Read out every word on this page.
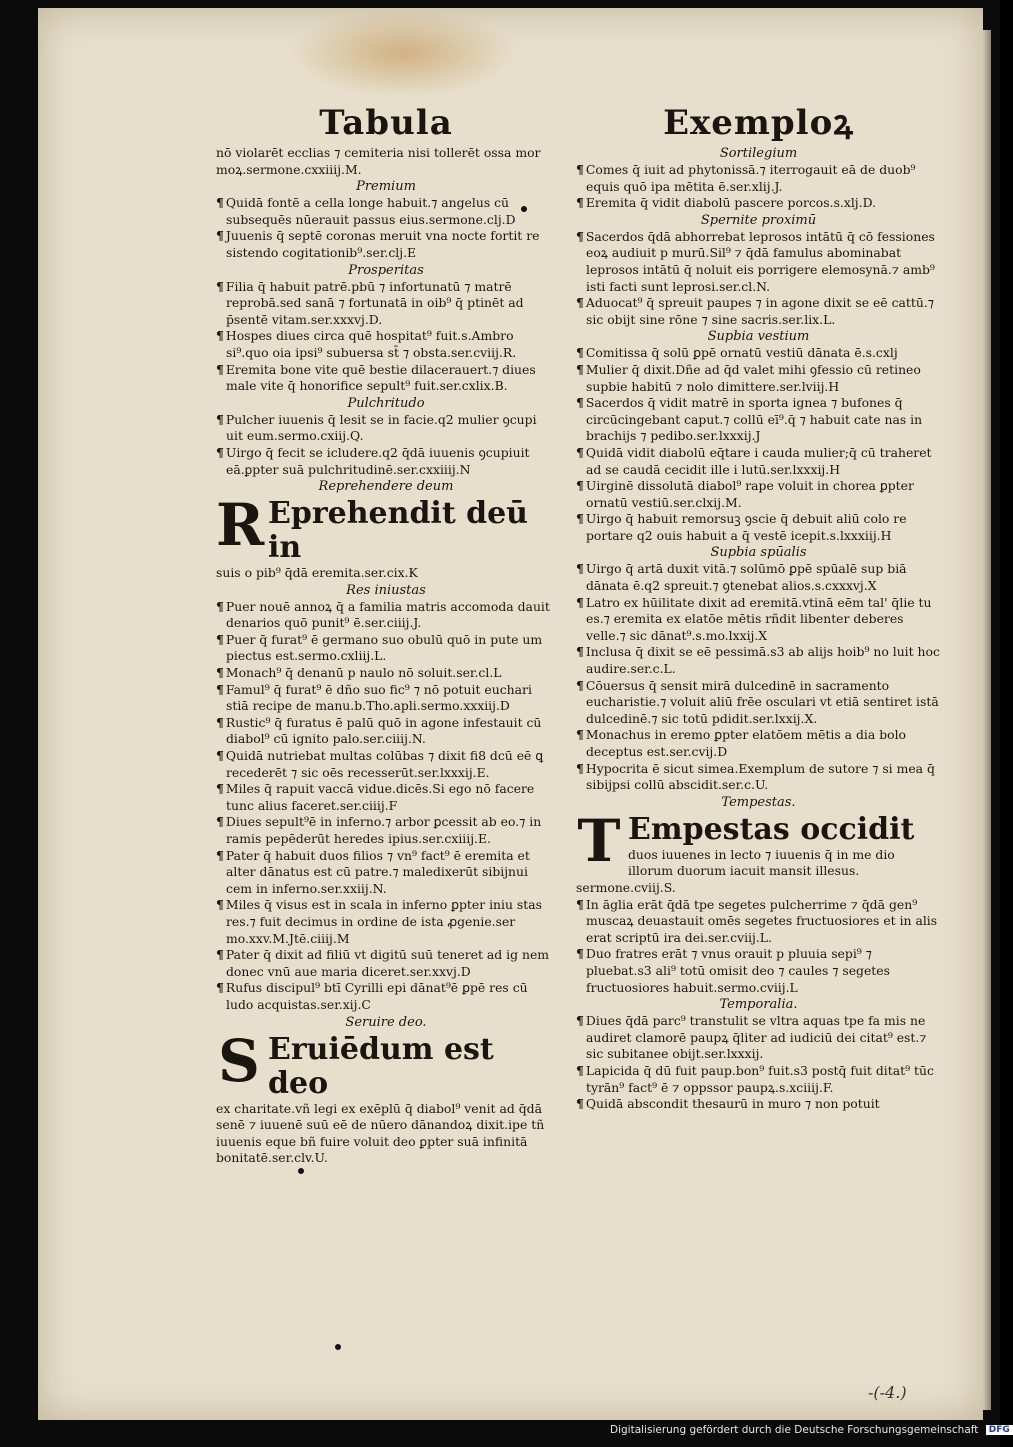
Tabula
nō violarēt ecclias ⁊ cemiteria nisi tollerēt ossa mor
moꝝ.sermone.cxxiiij.M.
Premium
¶ Quidā fontē a cella longe habuit.⁊ angelus cū subsequēs nūerauit passus eius.sermone.clj.D
¶ Juuenis q̄ septē coronas meruit vna nocte fortit re sistendo cogitationib⁹.ser.clj.E
Prosperitas
¶ Filia q̄ habuit patrē.pbū ⁊ infortunatū ⁊ matrē reprobā.sed sanā ⁊ fortunatā in oib⁹ q̄ ptinēt ad p̄sentē vitam.ser.xxxvj.D.
¶ Hospes diues circa quē hospitat⁹ fuit.s.Ambro si⁹.quo oia ipsi⁹ subuersa st̄ ⁊ obsta.ser.cviij.R.
¶ Eremita bone vite quē bestie dilacerauert.⁊ diues male vite q̄ honorifice sepult⁹ fuit.ser.cxlix.B.
Pulchritudo
¶ Pulcher iuuenis q̄ lesit se in facie.q2 mulier ꝯcupi uit eum.sermo.cxiij.Q.
¶ Uirgo q̄ fecit se icludere.q2 q̄dā iuuenis ꝯcupiuit eā.ꝑpter suā pulchritudinē.ser.cxxiiij.N
Reprehendere deum
R Eprehendit deū in
suis o pib⁹ q̄dā eremita.ser.cix.K
Res iniustas
¶ Puer nouē annoꝝ q̄ a familia matris accomoda dauit denarios quō punit⁹ ē.ser.ciiij.J.
¶ Puer q̄ furat⁹ ē germano suo obulū quō in pute um piectus est.sermo.cxliij.L.
¶ Monach⁹ q̄ denanū p naulo nō soluit.ser.cl.L
¶ Famul⁹ q̄ furat⁹ ē dño suo fic⁹ ⁊ nō potuit euchari stiā recipe de manu.b.Tho.apli.sermo.xxxiij.D
¶ Rustic⁹ q̄ furatus ē palū quō in agone infestauit cū diabol⁹ cū ignito palo.ser.ciiij.N.
¶ Quidā nutriebat multas colūbas ⁊ dixit fi8 dcū eē ꝗ recederēt ⁊ sic oēs recesserūt.ser.lxxxij.E.
¶ Miles q̄ rapuit vaccā vidue.dicēs.Si ego nō facere tunc alius faceret.ser.ciiij.F
¶ Diues sepult⁹ē in inferno.⁊ arbor ꝑcessit ab eo.⁊ in ramis pepēderūt heredes ipius.ser.cxiiij.E.
¶ Pater q̄ habuit duos filios ⁊ vn⁹ fact⁹ ē eremita et alter dānatus est cū patre.⁊ maledixerūt sibijnui cem in inferno.ser.xxiij.N.
¶ Miles q̄ visus est in scala in inferno ꝑpter iniu stas res.⁊ fuit decimus in ordine de ista ꝓgenie.ser mo.xxv.M.Jtē.ciiij.M
¶ Pater q̄ dixit ad filiū vt digitū suū teneret ad ig nem donec vnū aue maria diceret.ser.xxvj.D
¶ Rufus discipul⁹ btī Cyrilli epi dānat⁹ē ꝑpē res cū ludo acquistas.ser.xij.C
Seruire deo.
S Eruiēdum est deo
ex charitate.vñ legi ex exēplū q̄ diabol⁹ venit ad q̄dā senē ⁊ iuuenē suū eē de nūero dānandoꝝ dixit.ipe tñ iuuenis eque bñ fuire voluit deo ꝑpter suā infinitā bonitatē.ser.clv.U.
Exemploꝝ
Sortilegium
¶ Comes q̄ iuit ad phytonissā.⁊ iterrogauit eā de duob⁹ equis quō ipa mētita ē.ser.xlij.J.
¶ Eremita q̄ vidit diabolū pascere porcos.s.xlj.D.
Spernite proximū
¶ Sacerdos q̄dā abhorrebat leprosos intātū q̄ cō fessiones eoꝝ audiuit p murū.Sil⁹ ⁊ q̄dā famulus abominabat leprosos intātū q̄ noluit eis porrigere elemosynā.⁊ amb⁹ isti facti sunt leprosi.ser.cl.N.
¶ Aduocat⁹ q̄ spreuit paupes ⁊ in agone dixit se eē cattū.⁊ sic obijt sine rōne ⁊ sine sacris.ser.lix.L.
Supbia vestium
¶ Comitissa q̄ solū ꝑpē ornatū vestiū dānata ē.s.cxlj
¶ Mulier q̄ dixit.Dñe ad q̄d valet mihi ꝯfessio cū retineo supbie habitū ⁊ nolo dimittere.ser.lviij.H
¶ Sacerdos q̄ vidit matrē in sporta ignea ⁊ bufones q̄ circūcingebant caput.⁊ collū eī⁹.q̄ ⁊ habuit cate nas in brachijs ⁊ pedibo.ser.lxxxij.J
¶ Quidā vidit diabolū eq̄tare i cauda mulier;q̄ cū traheret ad se caudā cecidit ille i lutū.ser.lxxxij.H
¶ Uirginē dissolutā diabol⁹ rape voluit in chorea ꝑpter ornatū vestiū.ser.clxij.M.
¶ Uirgo q̄ habuit remorsuꝫ ꝯscie q̄ debuit aliū colo re portare q2 ouis habuit a q̄ vestē icepit.s.lxxxiij.H
Supbia spūalis
¶ Uirgo q̄ artā duxit vitā.⁊ solūmō ꝑpē spūalē sup biā dānata ē.q2 spreuit.⁊ ꝯtenebat alios.s.cxxxvj.X
¶ Latro ex hūilitate dixit ad eremitā.vtinā eēm tal' q̄lie tu es.⁊ eremita ex elatōe mētis rñdit libenter deberes velle.⁊ sic dānat⁹.s.mo.lxxij.X
¶ Inclusa q̄ dixit se eē pessimā.s3 ab alijs hoib⁹ no luit hoc audire.ser.c.L.
¶ Cōuersus q̄ sensit mirā dulcedinē in sacramento eucharistie.⁊ voluit aliū frēe osculari vt etiā sentiret istā dulcedinē.⁊ sic totū pdidit.ser.lxxij.X.
¶ Monachus in eremo ꝑpter elatōem mētis a dia bolo deceptus est.ser.cvij.D
¶ Hypocrita ē sicut simea.Exemplum de sutore ⁊ si mea q̄ sibijpsi collū abscidit.ser.c.U.
Tempestas.
T Empestas occidit
duos iuuenes in lecto ⁊ iuuenis q̄ in me dio illorum duorum iacuit mansit illesus. sermone.cviij.S.
¶ In āglia erāt q̄dā tpe segetes pulcherrime ⁊ q̄dā gen⁹ muscaꝝ deuastauit omēs segetes fructuosiores et in alis erat scriptū ira dei.ser.cviij.L.
¶ Duo fratres erāt ⁊ vnus orauit p pluuia sepi⁹ ⁊ pluebat.s3 ali⁹ totū omisit deo ⁊ caules ⁊ segetes fructuosiores habuit.sermo.cviij.L
Temporalia.
¶ Diues q̄dā parc⁹ transtulit se vltra aquas tpe fa mis ne audiret clamorē paupꝝ q̄liter ad iudiciū dei citat⁹ est.⁊ sic subitanee obijt.ser.lxxxij.
¶ Lapicida q̄ dū fuit paup.bon⁹ fuit.s3 postq̄ fuit ditat⁹ tūc tyrān⁹ fact⁹ ē ⁊ oppssor paupꝝ.s.xciiij.F.
¶ Quidā abscondit thesaurū in muro ⁊ non potuit
-(-4.)
Digitalisierung gefördert durch die Deutsche Forschungsgemeinschaft DFG
